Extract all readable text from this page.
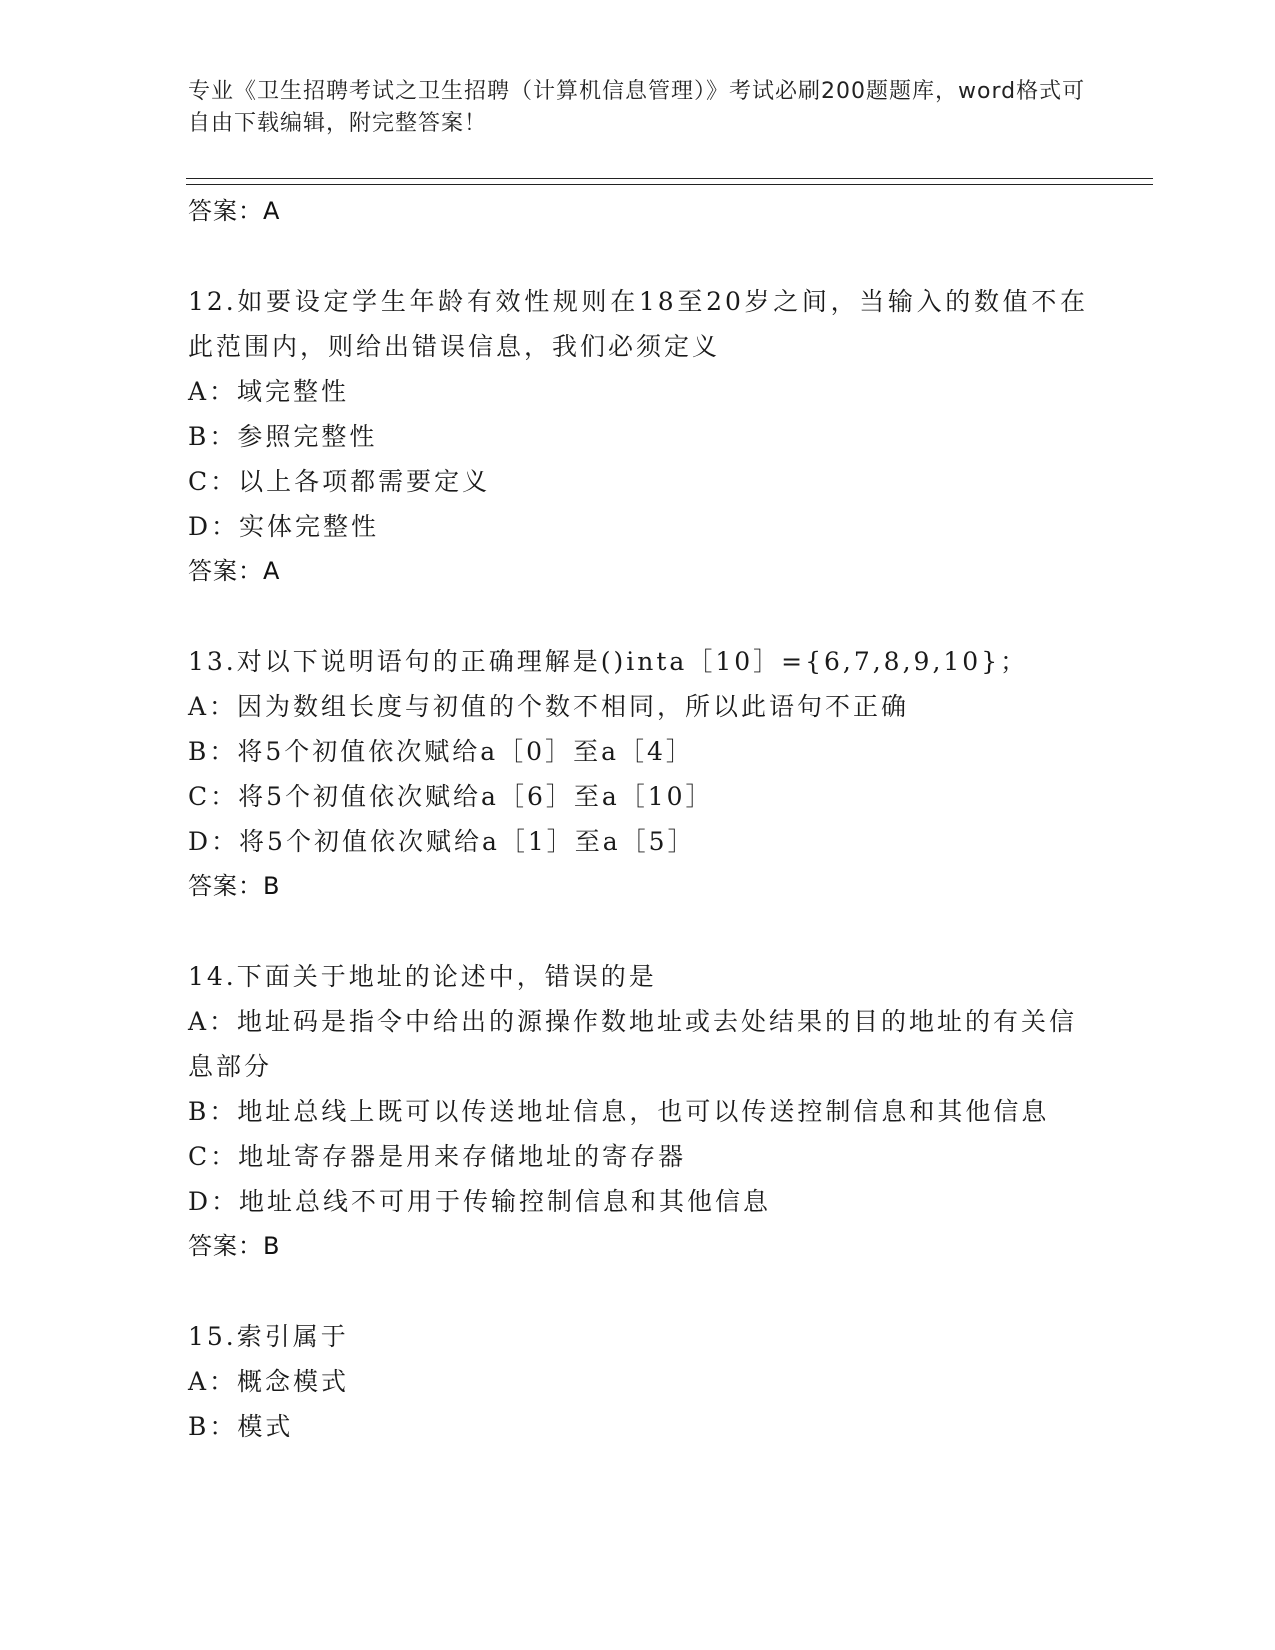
专业《卫生招聘考试之卫生招聘（计算机信息管理）》考试必刷200题题库，word格式可自由下载编辑，附完整答案！
答案：A
12.如要设定学生年龄有效性规则在18至20岁之间，当输入的数值不在此范围内，则给出错误信息，我们必须定义
A：域完整性
B：参照完整性
C：以上各项都需要定义
D：实体完整性
答案：A
13.对以下说明语句的正确理解是()inta［10］={6,7,8,9,10}；
A：因为数组长度与初值的个数不相同，所以此语句不正确
B：将5个初值依次赋给a［0］至a［4］
C：将5个初值依次赋给a［6］至a［10］
D：将5个初值依次赋给a［1］至a［5］
答案：B
14.下面关于地址的论述中，错误的是
A：地址码是指令中给出的源操作数地址或去处结果的目的地址的有关信息部分
B：地址总线上既可以传送地址信息，也可以传送控制信息和其他信息
C：地址寄存器是用来存储地址的寄存器
D：地址总线不可用于传输控制信息和其他信息
答案：B
15.索引属于
A：概念模式
B：模式
